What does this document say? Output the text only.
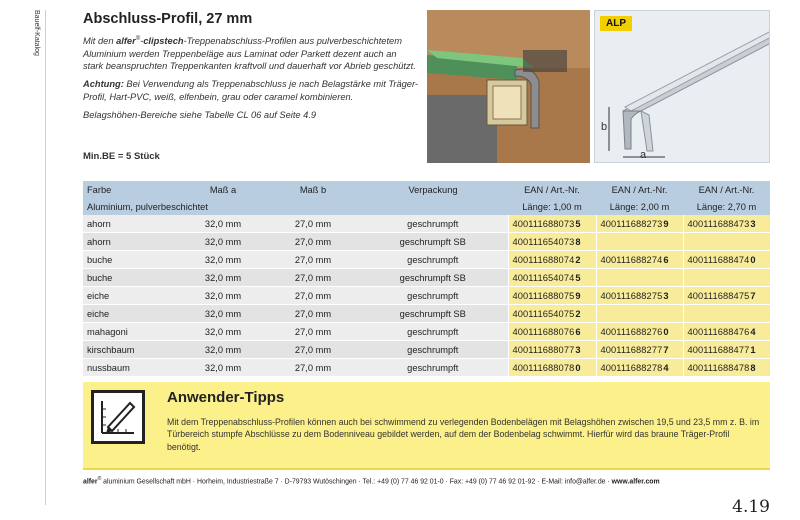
Bauelf-Katalog	Abschluss-Profil, 27 mm

Mit den alfer®-clipstech-Treppenabschluss-Profilen aus pulverbeschichtetem Aluminium werden Treppenbeläge aus Laminat oder Parkett dezent auch an stark beanspruchten Treppenkanten kraftvoll und dauerhaft vor Abrieb geschützt.

Achtung: Bei Verwendung als Treppenabschluss je nach Belagstärke mit Träger-Profil, Hart-PVC, weiß, elfenbein, grau oder caramel kombinieren.

Belagshöhen-Bereiche siehe Tabelle CL 06 auf Seite 4.9

Min.BE = 5 Stück
ALP
b
a
Farbe	Maß a	Maß b	Verpackung	EAN / Art.-Nr.	EAN / Art.-Nr.	EAN / Art.-Nr.
Aluminium, pulverbeschichtet				Länge: 1,00 m	Länge: 2,00 m	Länge: 2,70 m
ahorn	32,0 mm	27,0 mm	geschrumpft	4001116880735	4001116882739	4001116884733
ahorn	32,0 mm	27,0 mm	geschrumpft SB	4001116540738		
buche	32,0 mm	27,0 mm	geschrumpft	4001116880742	4001116882746	4001116884740
buche	32,0 mm	27,0 mm	geschrumpft SB	4001116540745		
eiche	32,0 mm	27,0 mm	geschrumpft	4001116880759	4001116882753	4001116884757
eiche	32,0 mm	27,0 mm	geschrumpft SB	4001116540752		
mahagoni	32,0 mm	27,0 mm	geschrumpft	4001116880766	4001116882760	4001116884764
kirschbaum	32,0 mm	27,0 mm	geschrumpft	4001116880773	4001116882777	4001116884771
nussbaum	32,0 mm	27,0 mm	geschrumpft	4001116880780	4001116882784	4001116884788
Anwender-Tipps
Mit dem Treppenabschluss-Profilen können auch bei schwimmend zu verlegenden Bodenbelägen mit Belagshöhen zwischen 19,5 und 23,5 mm z. B. im Türbereich stumpfe Abschlüsse zu dem Bodenniveau gebildet werden, auf dem der Bodenbelag schwimmt. Hierfür wird das braune Träger-Profil benötigt.
alfer® aluminium Gesellschaft mbH · Horheim, Industriestraße 7 · D-79793 Wutöschingen · Tel.: +49 (0) 77 46 92 01-0 · Fax: +49 (0) 77 46 92 01-92 · E-Mail: info@alfer.de · www.alfer.com
4.19
